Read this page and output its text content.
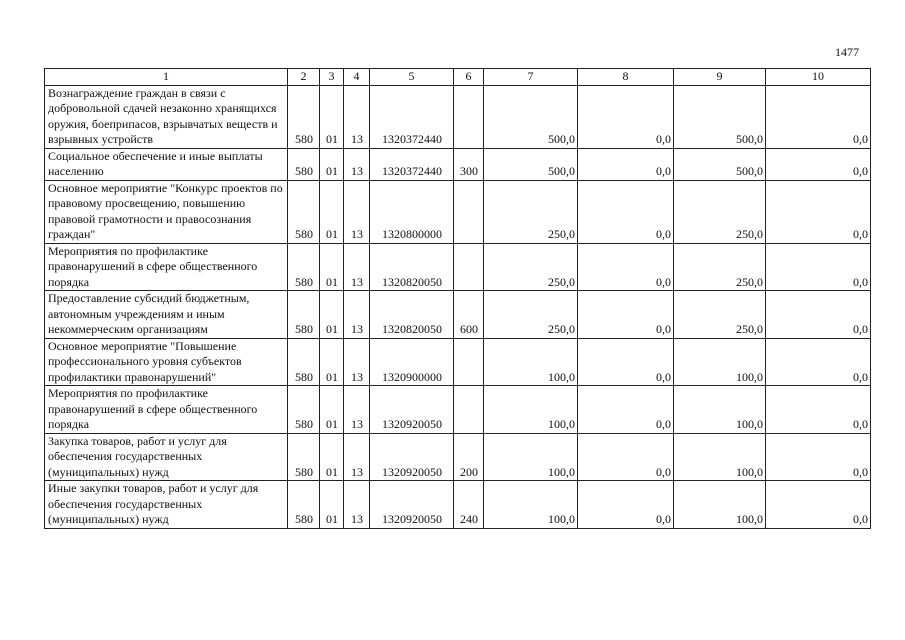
1477
1	2	3	4	5	6	7	8	9	10
Вознаграждение граждан в связи с добровольной сдачей незаконно хранящихся оружия, боеприпасов, взрывчатых веществ и взрывных устройств	580	01	13	1320372440		500,0	0,0	500,0	0,0
Социальное обеспечение и иные выплаты населению	580	01	13	1320372440	300	500,0	0,0	500,0	0,0
Основное мероприятие "Конкурс проектов по правовому просвещению, повышению правовой грамотности и правосознания граждан"	580	01	13	1320800000		250,0	0,0	250,0	0,0
Мероприятия по профилактике правонарушений в сфере общественного порядка	580	01	13	1320820050		250,0	0,0	250,0	0,0
Предоставление субсидий бюджетным, автономным учреждениям и иным некоммерческим организациям	580	01	13	1320820050	600	250,0	0,0	250,0	0,0
Основное мероприятие "Повышение профессионального уровня субъектов профилактики правонарушений"	580	01	13	1320900000		100,0	0,0	100,0	0,0
Мероприятия по профилактике правонарушений в сфере общественного порядка	580	01	13	1320920050		100,0	0,0	100,0	0,0
Закупка товаров, работ и услуг для обеспечения государственных (муниципальных) нужд	580	01	13	1320920050	200	100,0	0,0	100,0	0,0
Иные закупки товаров, работ и услуг для обеспечения государственных (муниципальных) нужд	580	01	13	1320920050	240	100,0	0,0	100,0	0,0
